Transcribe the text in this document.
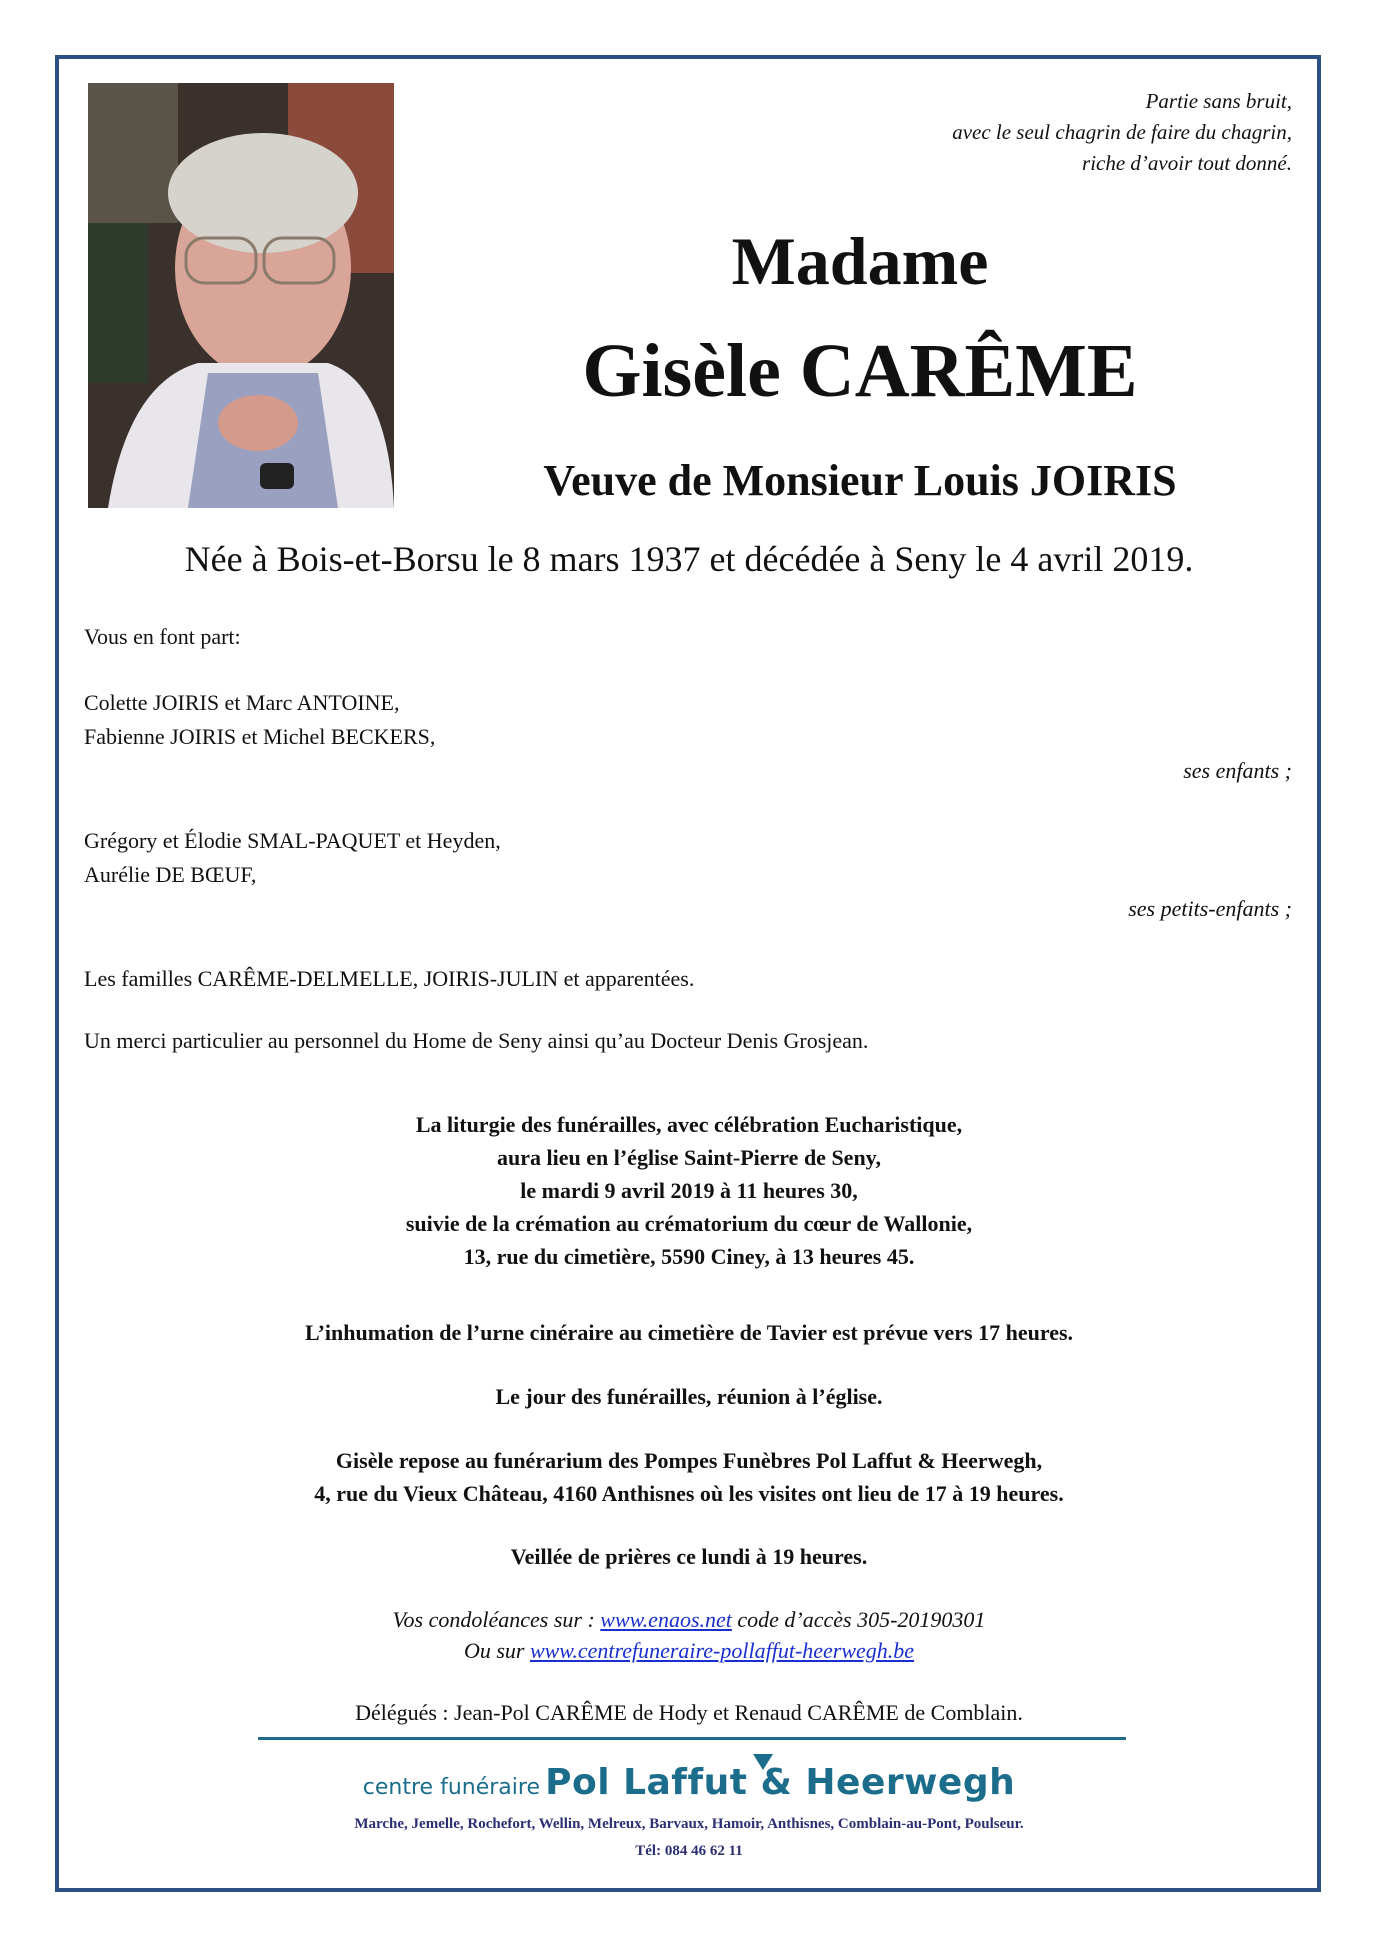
Partie sans bruit,
avec le seul chagrin de faire du chagrin,
riche d’avoir tout donné.
Madame
Gisèle CARÊME
Veuve de Monsieur Louis JOIRIS
Née à Bois-et-Borsu le 8 mars 1937 et décédée à Seny le 4 avril 2019.
Vous en font part:
Colette JOIRIS et Marc ANTOINE,
Fabienne JOIRIS et Michel BECKERS,
ses enfants ;
Grégory et Élodie SMAL-PAQUET et Heyden,
Aurélie DE BŒUF,
ses petits-enfants ;
Les familles CARÊME-DELMELLE, JOIRIS-JULIN et apparentées.
Un merci particulier au personnel du Home de Seny ainsi qu’au Docteur Denis Grosjean.
La liturgie des funérailles, avec célébration Eucharistique,
aura lieu en l’église Saint-Pierre de Seny,
le mardi 9 avril 2019 à 11 heures 30,
suivie de la crémation au crématorium du cœur de Wallonie,
13, rue du cimetière, 5590 Ciney, à 13 heures 45.
L’inhumation de l’urne cinéraire au cimetière de Tavier est prévue vers 17 heures.
Le jour des funérailles, réunion à l’église.
Gisèle repose au funérarium des Pompes Funèbres Pol Laffut & Heerwegh,
4, rue du Vieux Château, 4160 Anthisnes où les visites ont lieu de 17 à 19 heures.
Veillée de prières ce lundi à 19 heures.
Vos condoléances sur : www.enaos.net code d’accès 305-20190301
Ou sur www.centrefuneraire-pollaffut-heerwegh.be
Délégués : Jean-Pol CARÊME de Hody et Renaud CARÊME de Comblain.
centre funéraire Pol Laffut & Heerwegh
Marche, Jemelle, Rochefort, Wellin, Melreux, Barvaux, Hamoir, Anthisnes, Comblain-au-Pont, Poulseur.
Tél: 084 46 62 11
